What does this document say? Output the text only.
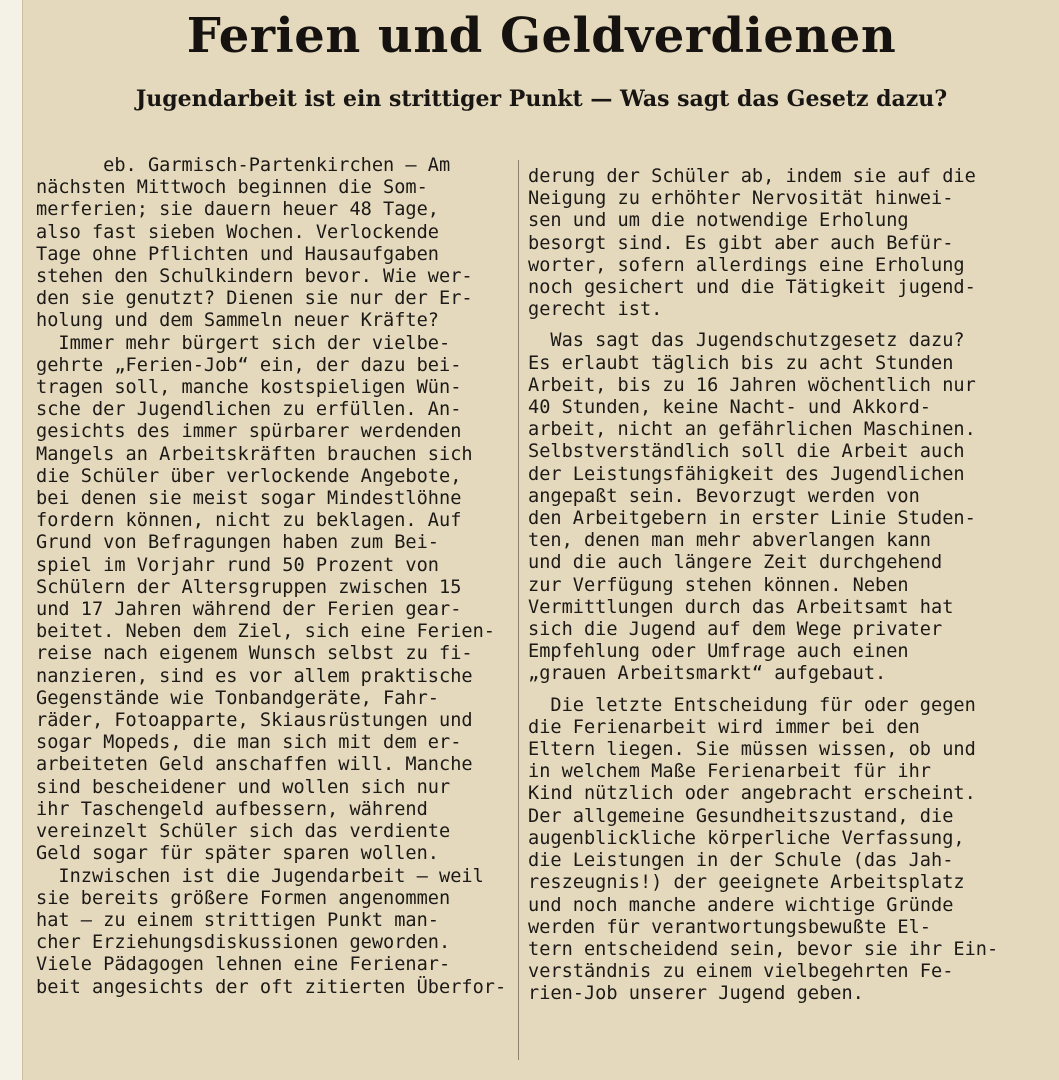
Ferien und Geldverdienen
Jugendarbeit ist ein strittiger Punkt — Was sagt das Gesetz dazu?

eb. Garmisch-Partenkirchen — Am
nächsten Mittwoch beginnen die Som-
merferien; sie dauern heuer 48 Tage,
also fast sieben Wochen. Verlockende
Tage ohne Pflichten und Hausaufgaben
stehen den Schulkindern bevor. Wie wer-
den sie genutzt? Dienen sie nur der Er-
holung und dem Sammeln neuer Kräfte?

Immer mehr bürgert sich der vielbe-
gehrte „Ferien-Job“ ein, der dazu bei-
tragen soll, manche kostspieligen Wün-
sche der Jugendlichen zu erfüllen. An-
gesichts des immer spürbarer werdenden
Mangels an Arbeitskräften brauchen sich
die Schüler über verlockende Angebote,
bei denen sie meist sogar Mindestlöhne
fordern können, nicht zu beklagen. Auf
Grund von Befragungen haben zum Bei-
spiel im Vorjahr rund 50 Prozent von
Schülern der Altersgruppen zwischen 15
und 17 Jahren während der Ferien gear-
beitet. Neben dem Ziel, sich eine Ferien-
reise nach eigenem Wunsch selbst zu fi-
nanzieren, sind es vor allem praktische
Gegenstände wie Tonbandgeräte, Fahr-
räder, Fotoapparte, Skiausrüstungen und
sogar Mopeds, die man sich mit dem er-
arbeiteten Geld anschaffen will. Manche
sind bescheidener und wollen sich nur
ihr Taschengeld aufbessern, während
vereinzelt Schüler sich das verdiente
Geld sogar für später sparen wollen.

Inzwischen ist die Jugendarbeit — weil
sie bereits größere Formen angenommen
hat — zu einem strittigen Punkt man-
cher Erziehungsdiskussionen geworden.
Viele Pädagogen lehnen eine Ferienar-
beit angesichts der oft zitierten Überfor-

derung der Schüler ab, indem sie auf die
Neigung zu erhöhter Nervosität hinwei-
sen und um die notwendige Erholung
besorgt sind. Es gibt aber auch Befür-
worter, sofern allerdings eine Erholung
noch gesichert und die Tätigkeit jugend-
gerecht ist.

Was sagt das Jugendschutzgesetz dazu?
Es erlaubt täglich bis zu acht Stunden
Arbeit, bis zu 16 Jahren wöchentlich nur
40 Stunden, keine Nacht- und Akkord-
arbeit, nicht an gefährlichen Maschinen.
Selbstverständlich soll die Arbeit auch
der Leistungsfähigkeit des Jugendlichen
angepaßt sein. Bevorzugt werden von
den Arbeitgebern in erster Linie Studen-
ten, denen man mehr abverlangen kann
und die auch längere Zeit durchgehend
zur Verfügung stehen können. Neben
Vermittlungen durch das Arbeitsamt hat
sich die Jugend auf dem Wege privater
Empfehlung oder Umfrage auch einen
„grauen Arbeitsmarkt“ aufgebaut.

Die letzte Entscheidung für oder gegen
die Ferienarbeit wird immer bei den
Eltern liegen. Sie müssen wissen, ob und
in welchem Maße Ferienarbeit für ihr
Kind nützlich oder angebracht erscheint.
Der allgemeine Gesundheitszustand, die
augenblickliche körperliche Verfassung,
die Leistungen in der Schule (das Jah-
reszeugnis!) der geeignete Arbeitsplatz
und noch manche andere wichtige Gründe
werden für verantwortungsbewußte El-
tern entscheidend sein, bevor sie ihr Ein-
verständnis zu einem vielbegehrten Fe-
rien-Job unserer Jugend geben.
